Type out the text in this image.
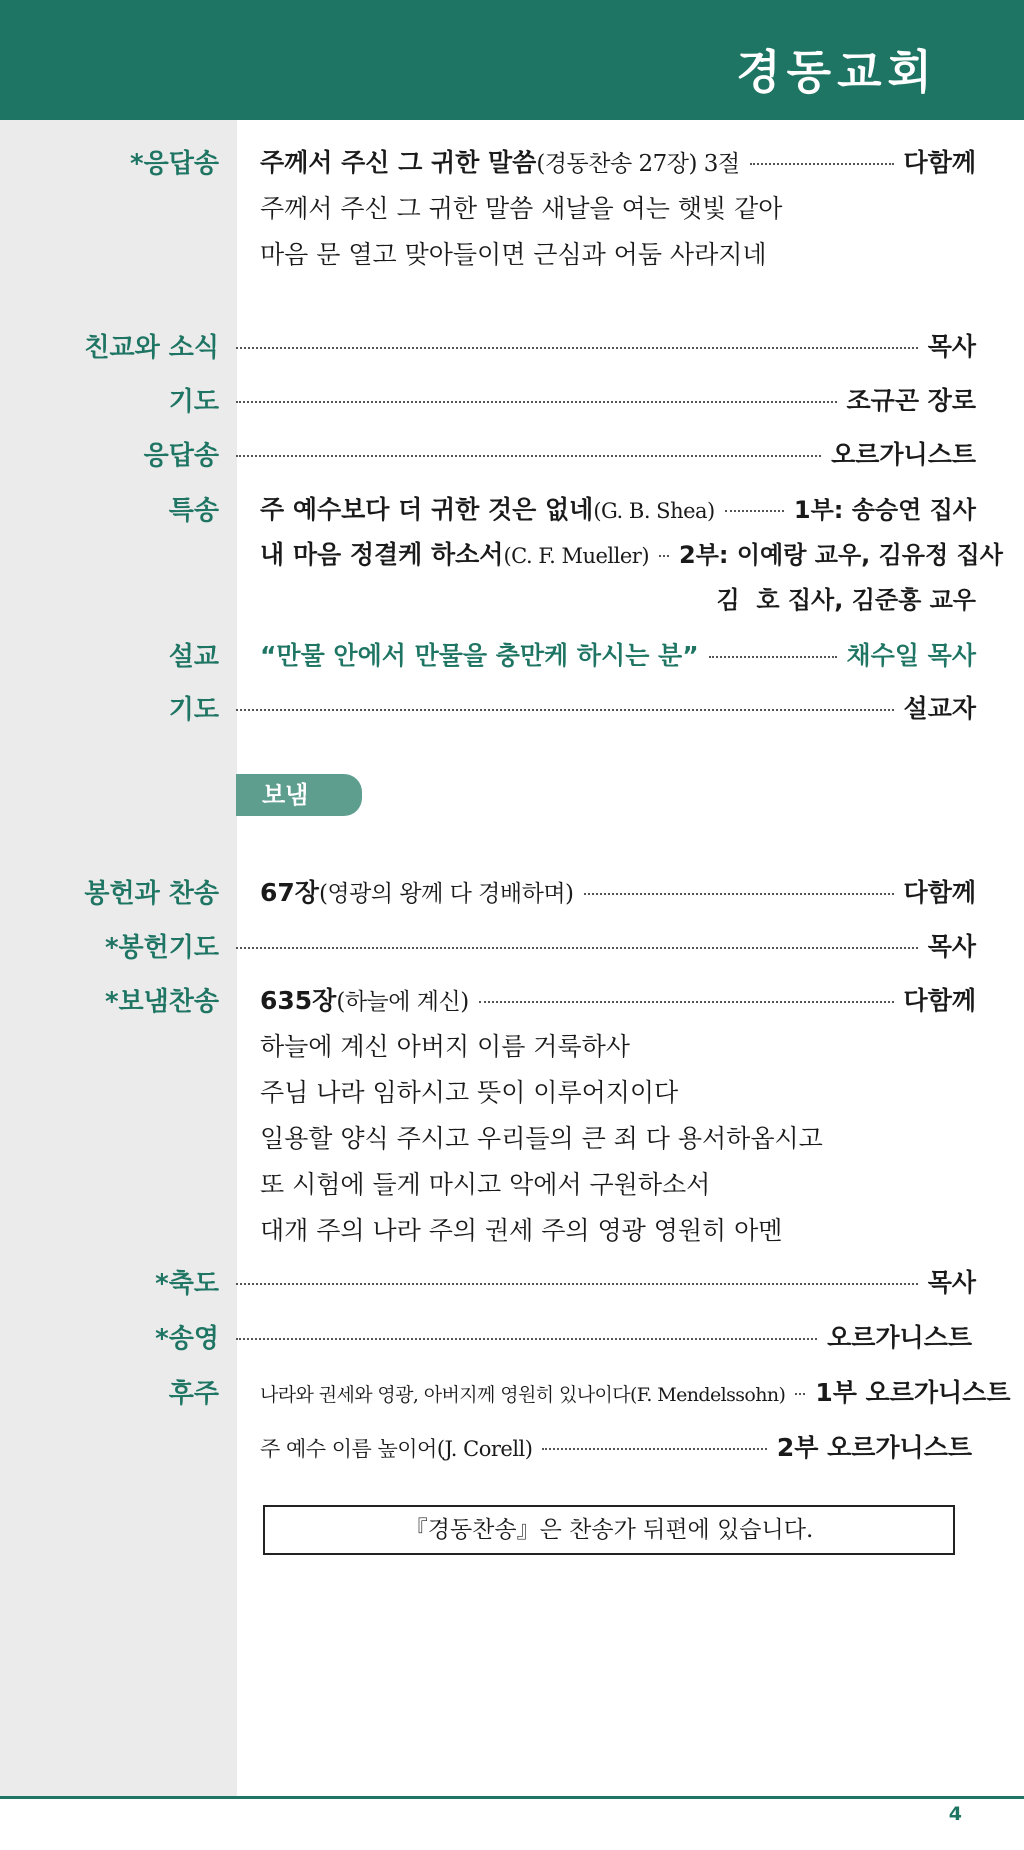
경동교회
*응답송 주께서 주신 그 귀한 말씀 (경동찬송 27장) 3절	다함께
주께서 주신 그 귀한 말씀 새날을 여는 햇빛 같아
마음 문 열고 맞아들이면 근심과 어둠 사라지네
친교와 소식	목사
기도	조규곤 장로
응답송	오르가니스트
특송 주 예수보다 더 귀한 것은 없네 (G. B. Shea)	1부: 송승연 집사
내 마음 정결케 하소서 (C. F. Mueller) 2부: 이예랑 교우, 김유정 집사
김  호 집사, 김준홍 교우
설교 “만물 안에서 만물을 충만케 하시는 분”	채수일 목사
기도	설교자
보냄
봉헌과 찬송 67장 (영광의 왕께 다 경배하며)	다함께
*봉헌기도	목사
*보냄찬송 635장 (하늘에 계신)	다함께
하늘에 계신 아버지 이름 거룩하사
주님 나라 임하시고 뜻이 이루어지이다
일용할 양식 주시고 우리들의 큰 죄 다 용서하옵시고
또 시험에 들게 마시고 악에서 구원하소서
대개 주의 나라 주의 권세 주의 영광 영원히 아멘
*축도	목사
*송영	오르가니스트
후주 나라와 권세와 영광, 아버지께 영원히 있나이다(F. Mendelssohn) 1부 오르가니스트
주 예수 이름 높이어(J. Corell)	2부 오르가니스트
『경동찬송』은 찬송가 뒤편에 있습니다.
4
